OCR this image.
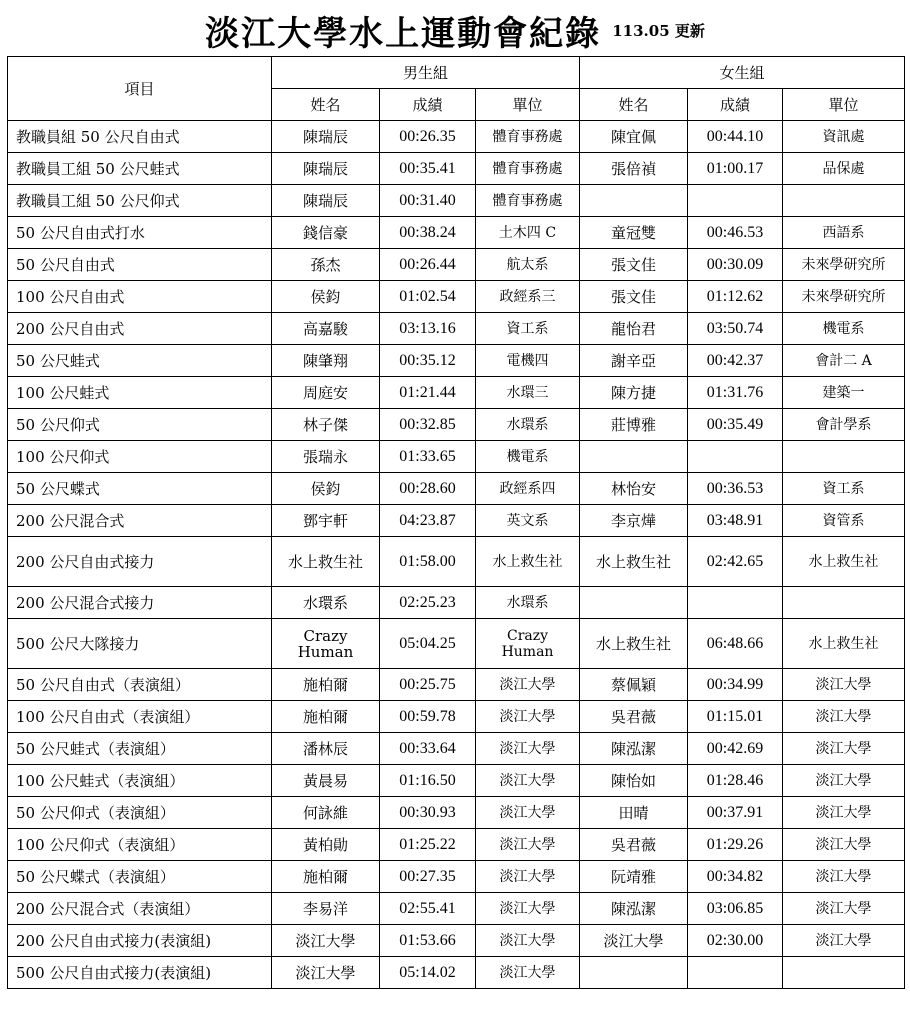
淡江大學水上運動會紀錄 113.05 更新
項目	男生組			女生組		
	姓名	成績	單位	姓名	成績	單位
教職員組 50 公尺自由式	陳瑞辰	00:26.35	體育事務處	陳宜佩	00:44.10	資訊處
教職員工組 50 公尺蛙式	陳瑞辰	00:35.41	體育事務處	張倍禎	01:00.17	品保處
教職員工組 50 公尺仰式	陳瑞辰	00:31.40	體育事務處			
50 公尺自由式打水	錢信豪	00:38.24	土木四 C	童冠雙	00:46.53	西語系
50 公尺自由式	孫杰	00:26.44	航太系	張文佳	00:30.09	未來學研究所
100 公尺自由式	侯鈞	01:02.54	政經系三	張文佳	01:12.62	未來學研究所
200 公尺自由式	高嘉駿	03:13.16	資工系	龍怡君	03:50.74	機電系
50 公尺蛙式	陳肇翔	00:35.12	電機四	謝辛亞	00:42.37	會計二 A
100 公尺蛙式	周庭安	01:21.44	水環三	陳方捷	01:31.76	建築一
50 公尺仰式	林子傑	00:32.85	水環系	莊博雅	00:35.49	會計學系
100 公尺仰式	張瑞永	01:33.65	機電系			
50 公尺蝶式	侯鈞	00:28.60	政經系四	林怡安	00:36.53	資工系
200 公尺混合式	鄧宇軒	04:23.87	英文系	李京燁	03:48.91	資管系
200 公尺自由式接力	水上救生社	01:58.00	水上救生社	水上救生社	02:42.65	水上救生社
200 公尺混合式接力	水環系	02:25.23	水環系			
500 公尺大隊接力	Crazy Human	05:04.25	Crazy Human	水上救生社	06:48.66	水上救生社
50 公尺自由式（表演組）	施柏爾	00:25.75	淡江大學	蔡佩穎	00:34.99	淡江大學
100 公尺自由式（表演組）	施柏爾	00:59.78	淡江大學	吳君薇	01:15.01	淡江大學
50 公尺蛙式（表演組）	潘林辰	00:33.64	淡江大學	陳泓潔	00:42.69	淡江大學
100 公尺蛙式（表演組）	黃晨易	01:16.50	淡江大學	陳怡如	01:28.46	淡江大學
50 公尺仰式（表演組）	何詠維	00:30.93	淡江大學	田晴	00:37.91	淡江大學
100 公尺仰式（表演組）	黃柏勛	01:25.22	淡江大學	吳君薇	01:29.26	淡江大學
50 公尺蝶式（表演組）	施柏爾	00:27.35	淡江大學	阮靖雅	00:34.82	淡江大學
200 公尺混合式（表演組）	李易洋	02:55.41	淡江大學	陳泓潔	03:06.85	淡江大學
200 公尺自由式接力(表演組)	淡江大學	01:53.66	淡江大學	淡江大學	02:30.00	淡江大學
500 公尺自由式接力(表演組)	淡江大學	05:14.02	淡江大學			
